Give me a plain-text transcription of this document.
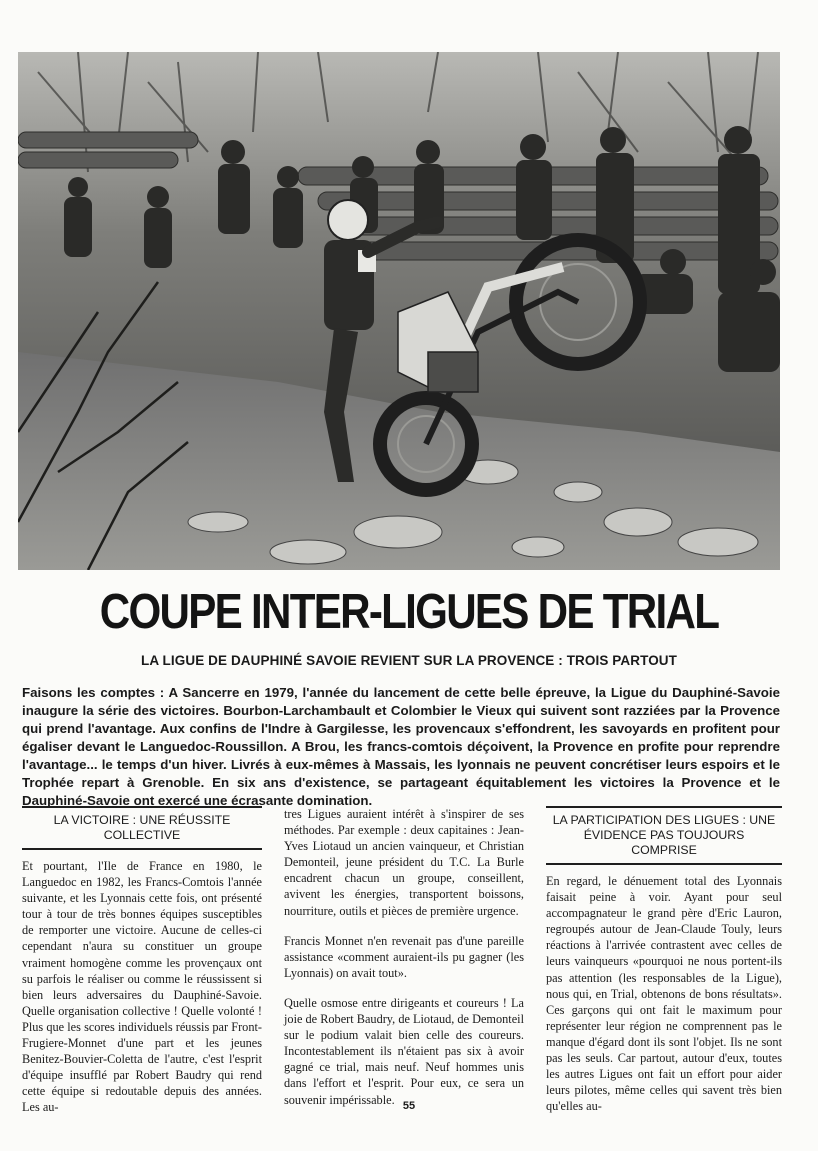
COUPE INTER-LIGUES DE TRIAL
LA LIGUE DE DAUPHINÉ SAVOIE REVIENT SUR LA PROVENCE : TROIS PARTOUT
Faisons les comptes : A Sancerre en 1979, l'année du lancement de cette belle épreuve, la Ligue du Dauphiné-Savoie inaugure la série des victoires. Bourbon-Larchambault et Colombier le Vieux qui suivent sont razziées par la Provence qui prend l'avantage. Aux confins de l'Indre à Gargilesse, les provencaux s'effondrent, les savoyards en profitent pour égaliser devant le Languedoc-Roussillon. A Brou, les francs-comtois déçoivent, la Provence en profite pour reprendre l'avantage... le temps d'un hiver. Livrés à eux-mêmes à Massais, les lyonnais ne peuvent concrétiser leurs espoirs et le Trophée repart à Grenoble. En six ans d'existence, se partageant équitablement les victoires la Provence et le Dauphiné-Savoie ont exercé une écrasante domination.
LA VICTOIRE : UNE RÉUSSITE COLLECTIVE

Et pourtant, l'Ile de France en 1980, le Languedoc en 1982, les Francs-Comtois l'année suivante, et les Lyonnais cette fois, ont présenté tour à tour de très bonnes équipes susceptibles de remporter une victoire. Aucune de celles-ci cependant n'aura su constituer un groupe vraiment homogène comme les provençaux ont su parfois le réaliser ou comme le réussissent si bien leurs adversaires du Dauphiné-Savoie. Quelle organisation collective ! Quelle volonté ! Plus que les scores individuels réussis par Front-Frugiere-Monnet d'une part et les jeunes Benitez-Bouvier-Coletta de l'autre, c'est l'esprit d'équipe insufflé par Robert Baudry qui rend cette équipe si redoutable depuis des années. Les au-

tres Ligues auraient intérêt à s'inspirer de ses méthodes. Par exemple : deux capitaines : Jean-Yves Liotaud un ancien vainqueur, et Christian Demonteil, jeune président du T.C. La Burle encadrent chacun un groupe, conseillent, avivent les énergies, transportent boissons, nourriture, outils et pièces de première urgence.

Francis Monnet n'en revenait pas d'une pareille assistance «comment auraient-ils pu gagner (les Lyonnais) on avait tout».

Quelle osmose entre dirigeants et coureurs ! La joie de Robert Baudry, de Liotaud, de Demonteil sur le podium valait bien celle des coureurs. Incontestablement ils n'étaient pas six à avoir gagné ce trial, mais neuf. Neuf hommes unis dans l'effort et l'esprit. Pour eux, ce sera un souvenir impérissable.

LA PARTICIPATION DES LIGUES : UNE ÉVIDENCE PAS TOUJOURS COMPRISE

En regard, le dénuement total des Lyonnais faisait peine à voir. Ayant pour seul accompagnateur le grand père d'Eric Lauron, regroupés autour de Jean-Claude Touly, leurs réactions à l'arrivée contrastent avec celles de leurs vainqueurs «pourquoi ne nous portent-ils pas attention (les responsables de la Ligue), nous qui, en Trial, obtenons de bons résultats». Ces garçons qui ont fait le maximum pour représenter leur région ne comprennent pas le manque d'égard dont ils sont l'objet. Ils ne sont pas les seuls. Car partout, autour d'eux, toutes les autres Ligues ont fait un effort pour aider leurs pilotes, même celles qui savent très bien qu'elles au-

55
